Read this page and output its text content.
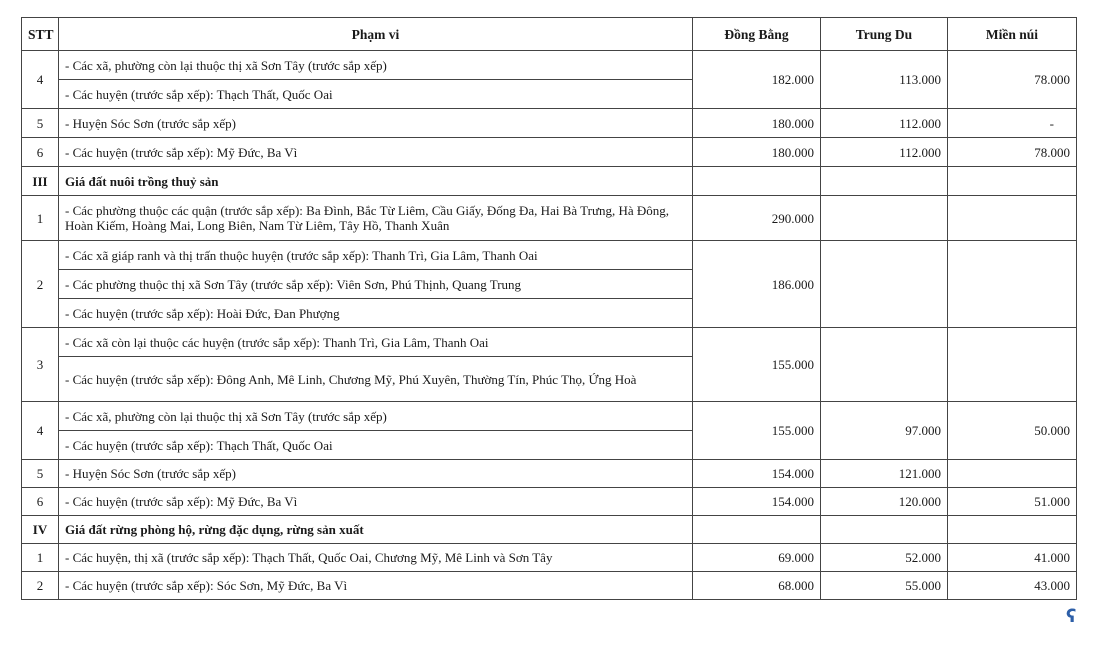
STT	Phạm vi	Đồng Bằng	Trung Du	Miền núi
4	- Các xã, phường còn lại thuộc thị xã Sơn Tây (trước sắp xếp)	182.000	113.000	78.000
	- Các huyện (trước sắp xếp): Thạch Thất, Quốc Oai			
5	- Huyện Sóc Sơn (trước sắp xếp)	180.000	112.000	-
6	- Các huyện (trước sắp xếp): Mỹ Đức, Ba Vì	180.000	112.000	78.000
III	Giá đất nuôi trồng thuỷ sản			
1	- Các phường thuộc các quận (trước sắp xếp): Ba Đình, Bắc Từ Liêm, Cầu Giấy, Đống Đa, Hai Bà Trưng, Hà Đông, Hoàn Kiếm, Hoàng Mai, Long Biên, Nam Từ Liêm, Tây Hồ, Thanh Xuân	290.000		
2	- Các xã giáp ranh và thị trấn thuộc huyện (trước sắp xếp): Thanh Trì, Gia Lâm, Thanh Oai	186.000		
	- Các phường thuộc thị xã Sơn Tây (trước sắp xếp): Viên Sơn, Phú Thịnh, Quang Trung			
	- Các huyện (trước sắp xếp): Hoài Đức, Đan Phượng			
3	- Các xã còn lại thuộc các huyện (trước sắp xếp): Thanh Trì, Gia Lâm, Thanh Oai	155.000		
	- Các huyện (trước sắp xếp): Đông Anh, Mê Linh, Chương Mỹ, Phú Xuyên, Thường Tín, Phúc Thọ, Ứng Hoà			
4	- Các xã, phường còn lại thuộc thị xã Sơn Tây (trước sắp xếp)	155.000	97.000	50.000
	- Các huyện (trước sắp xếp): Thạch Thất, Quốc Oai			
5	- Huyện Sóc Sơn (trước sắp xếp)	154.000	121.000	
6	- Các huyện (trước sắp xếp): Mỹ Đức, Ba Vì	154.000	120.000	51.000
IV	Giá đất rừng phòng hộ, rừng đặc dụng, rừng sản xuất			
1	- Các huyện, thị xã (trước sắp xếp): Thạch Thất, Quốc Oai, Chương Mỹ, Mê Linh và Sơn Tây	69.000	52.000	41.000
2	- Các huyện (trước sắp xếp): Sóc Sơn, Mỹ Đức, Ba Vì	68.000	55.000	43.000
ʕ
